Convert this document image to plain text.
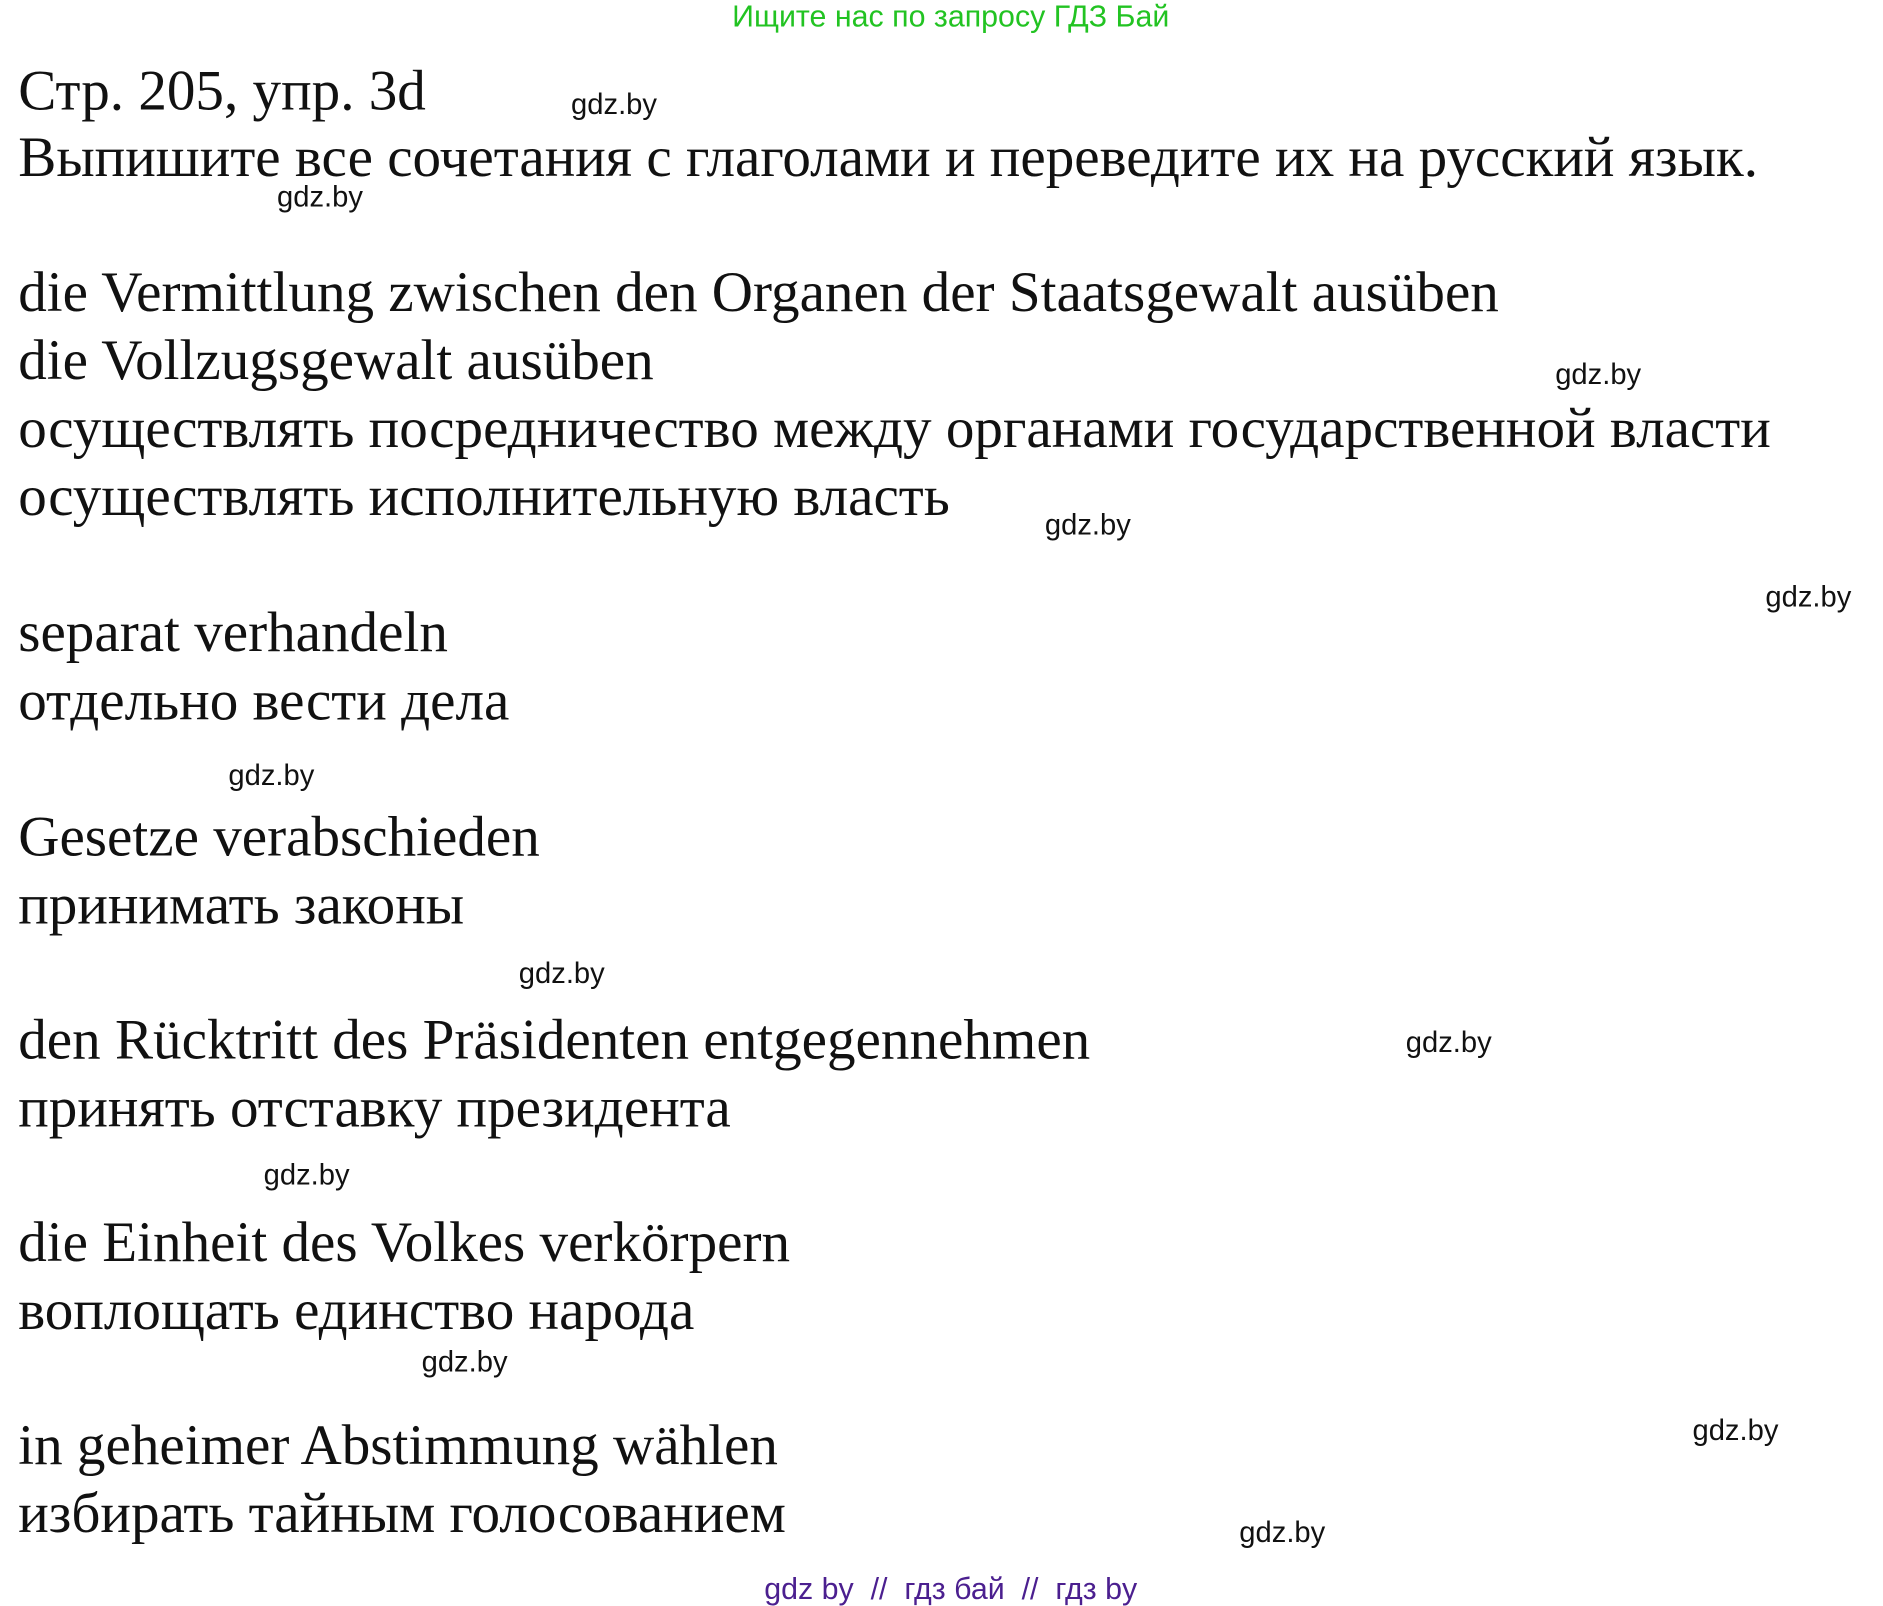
Ищите нас по запросу ГДЗ Бай
Стр. 205, упр. 3d
Выпишите все сочетания с глаголами и переведите их на русский язык.
die Vermittlung zwischen den Organen der Staatsgewalt ausüben
die Vollzugsgewalt ausüben
осуществлять посредничество между органами государственной власти
осуществлять исполнительную власть
separat verhandeln
отдельно вести дела
Gesetze verabschieden
принимать законы
den Rücktritt des Präsidenten entgegennehmen
принять отставку президента
die Einheit des Volkes verkörpern
воплощать единство народа
in geheimer Abstimmung wählen
избирать тайным голосованием
gdz.by
gdz.by
gdz.by
gdz.by
gdz.by
gdz.by
gdz.by
gdz.by
gdz.by
gdz.by
gdz.by
gdz.by
gdz by  //  гдз бай  //  гдз by
